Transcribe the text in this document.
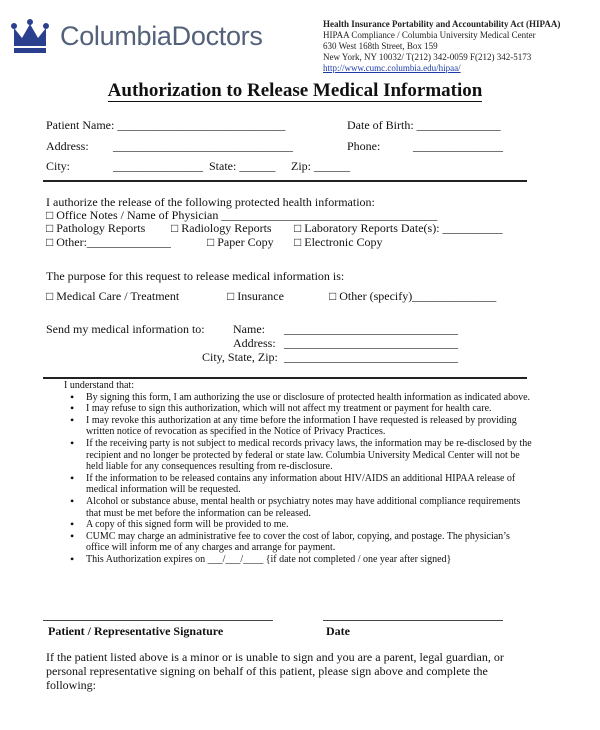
ColumbiaDoctors	Health Insurance Portability and Accountability Act (HIPAA)
HIPAA Compliance / Columbia University Medical Center
630 West 168th Street, Box 159
New York, NY 10032/ T(212) 342-0059 F(212) 342-5173
http://www.cumc.columbia.edu/hipaa/
Authorization to Release Medical Information
Patient Name: ____________________________	Date of Birth: ______________
Address: ______________________________	Phone:	_______________
City:	_______________ State: ______ Zip: ______
I authorize the release of the following protected health information:
□ Office Notes / Name of Physician ____________________________________
□ Pathology Reports □ Radiology Reports □ Laboratory Reports Date(s): __________
□ Other:______________	□ Paper Copy □ Electronic Copy
The purpose for this request to release medical information is:
□ Medical Care / Treatment	□ Insurance	□ Other (specify)______________
Send my medical information to: Name: _____________________________
Address: _____________________________
City, State, Zip: _____________________________
I understand that:
• By signing this form, I am authorizing the use or disclosure of protected health information as indicated above.
• I may refuse to sign this authorization, which will not affect my treatment or payment for health care.
• I may revoke this authorization at any time before the information I have requested is released by providing written notice of revocation as specified in the Notice of Privacy Practices.
• If the receiving party is not subject to medical records privacy laws, the information may be re-disclosed by the recipient and no longer be protected by federal or state law. Columbia University Medical Center will not be held liable for any consequences resulting from re-disclosure.
• If the information to be released contains any information about HIV/AIDS an additional HIPAA release of medical information will be requested.
• Alcohol or substance abuse, mental health or psychiatry notes may have additional compliance requirements that must be met before the information can be released.
• A copy of this signed form will be provided to me.
• CUMC may charge an administrative fee to cover the cost of labor, copying, and postage. The physician’s office will inform me of any charges and arrange for payment.
• This Authorization expires on ___/___/____ {if date not completed / one year after signed}
Patient / Representative Signature	Date
If the patient listed above is a minor or is unable to sign and you are a parent, legal guardian, or personal representative signing on behalf of this patient, please sign above and complete the following:
